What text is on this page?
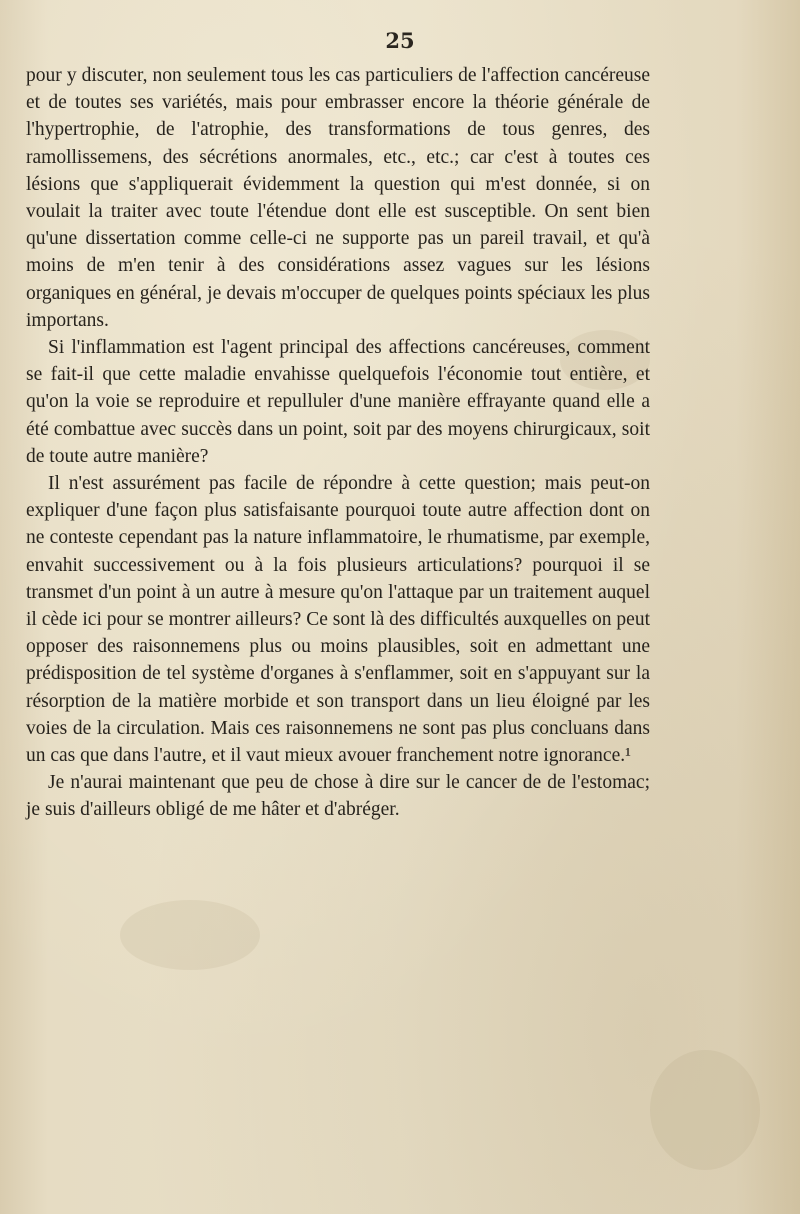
25

pour y discuter, non seulement tous les cas particuliers de l'affection cancéreuse et de toutes ses variétés, mais pour embrasser encore la théorie générale de l'hypertrophie, de l'atrophie, des transformations de tous genres, des ramollissemens, des sécrétions anormales, etc., etc.; car c'est à toutes ces lésions que s'appliquerait évidemment la question qui m'est donnée, si on voulait la traiter avec toute l'étendue dont elle est susceptible. On sent bien qu'une dissertation comme celle-ci ne supporte pas un pareil travail, et qu'à moins de m'en tenir à des considérations assez vagues sur les lésions organiques en général, je devais m'occuper de quelques points spéciaux les plus importans.

Si l'inflammation est l'agent principal des affections cancéreuses, comment se fait-il que cette maladie envahisse quelquefois l'économie tout entière, et qu'on la voie se reproduire et repulluler d'une manière effrayante quand elle a été combattue avec succès dans un point, soit par des moyens chirurgicaux, soit de toute autre manière?

Il n'est assurément pas facile de répondre à cette question; mais peut-on expliquer d'une façon plus satisfaisante pourquoi toute autre affection dont on ne conteste cependant pas la nature inflammatoire, le rhumatisme, par exemple, envahit successivement ou à la fois plusieurs articulations? pourquoi il se transmet d'un point à un autre à mesure qu'on l'attaque par un traitement auquel il cède ici pour se montrer ailleurs? Ce sont là des difficultés auxquelles on peut opposer des raisonnemens plus ou moins plausibles, soit en admettant une prédisposition de tel système d'organes à s'enflammer, soit en s'appuyant sur la résorption de la matière morbide et son transport dans un lieu éloigné par les voies de la circulation. Mais ces raisonnemens ne sont pas plus concluans dans un cas que dans l'autre, et il vaut mieux avouer franchement notre ignorance.¹

Je n'aurai maintenant que peu de chose à dire sur le cancer de de l'estomac; je suis d'ailleurs obligé de me hâter et d'abréger.
